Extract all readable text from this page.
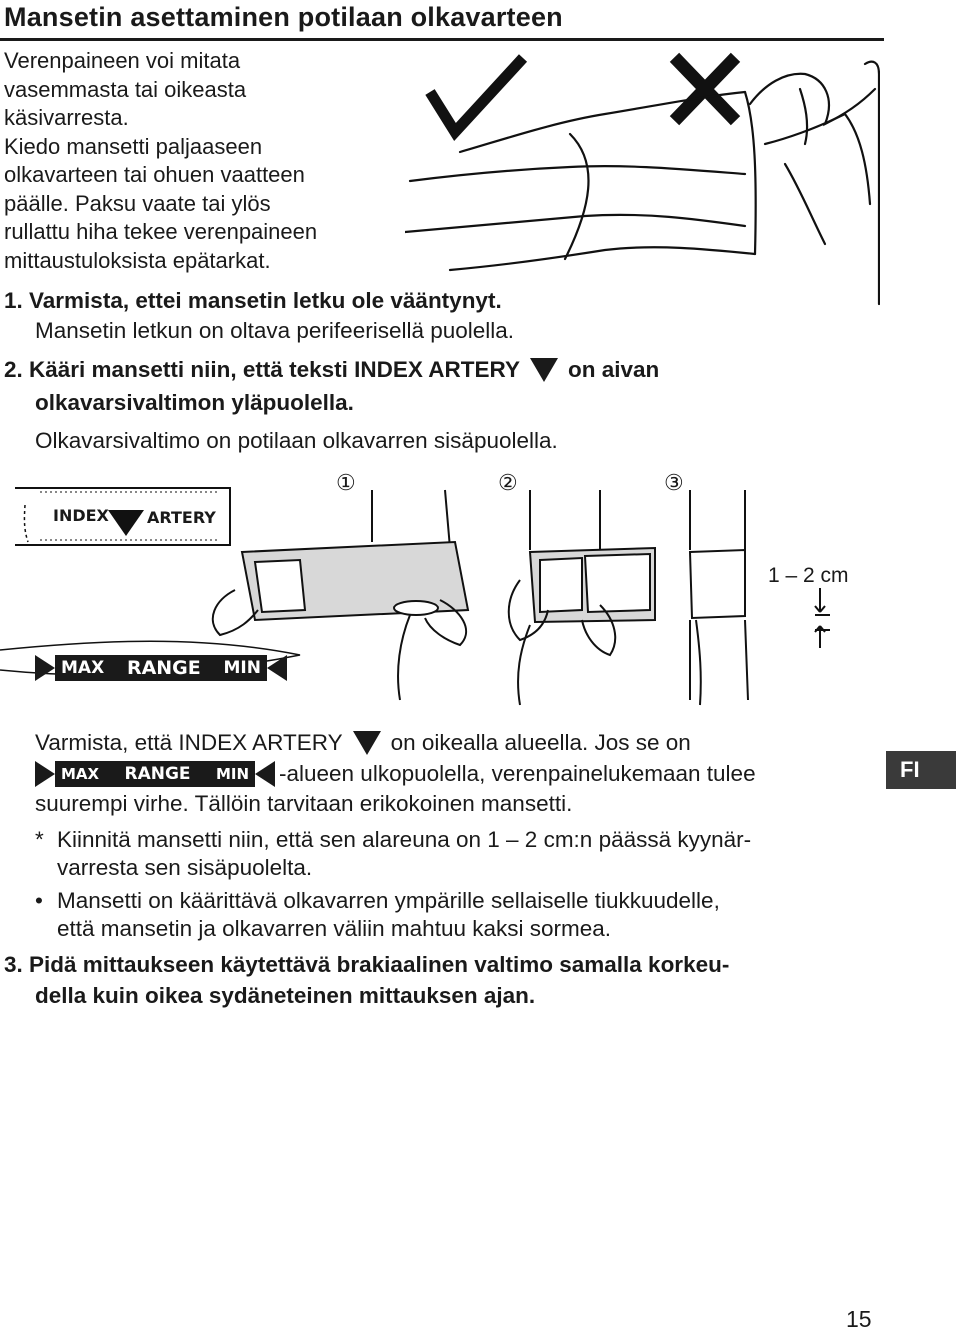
Mansetin asettaminen potilaan olkavarteen
Verenpaineen voi mitata
vasemmasta tai oikeasta
käsivarresta.
Kiedo mansetti paljaaseen
olkavarteen tai ohuen vaatteen
päälle. Paksu vaate tai ylös
rullattu hiha tekee verenpaineen
mittaustuloksista epätarkat.
1. Varmista, ettei mansetin letku ole vääntynyt.
Mansetin letkun on oltava perifeerisellä puolella.
2. Kääri mansetti niin, että teksti INDEX ARTERY on aivan
olkavarsivaltimon yläpuolella.
Olkavarsivaltimo on potilaan olkavarren sisäpuolella.
①	②	③
INDEX ARTERY
1 – 2 cm
MAX RANGE MIN
Varmista, että INDEX ARTERY on oikealla alueella. Jos se on
MAX RANGE MIN -alueen ulkopuolella, verenpainelukemaan tulee
suurempi virhe. Tällöin tarvitaan erikokoinen mansetti.
* Kiinnitä mansetti niin, että sen alareuna on 1 – 2 cm:n päässä kyynär-
varresta sen sisäpuolelta.
• Mansetti on käärittävä olkavarren ympärille sellaiselle tiukkuudelle,
että mansetin ja olkavarren väliin mahtuu kaksi sormea.
3. Pidä mittaukseen käytettävä brakiaalinen valtimo samalla korkeu-
della kuin oikea sydäneteinen mittauksen ajan.
FI
15
